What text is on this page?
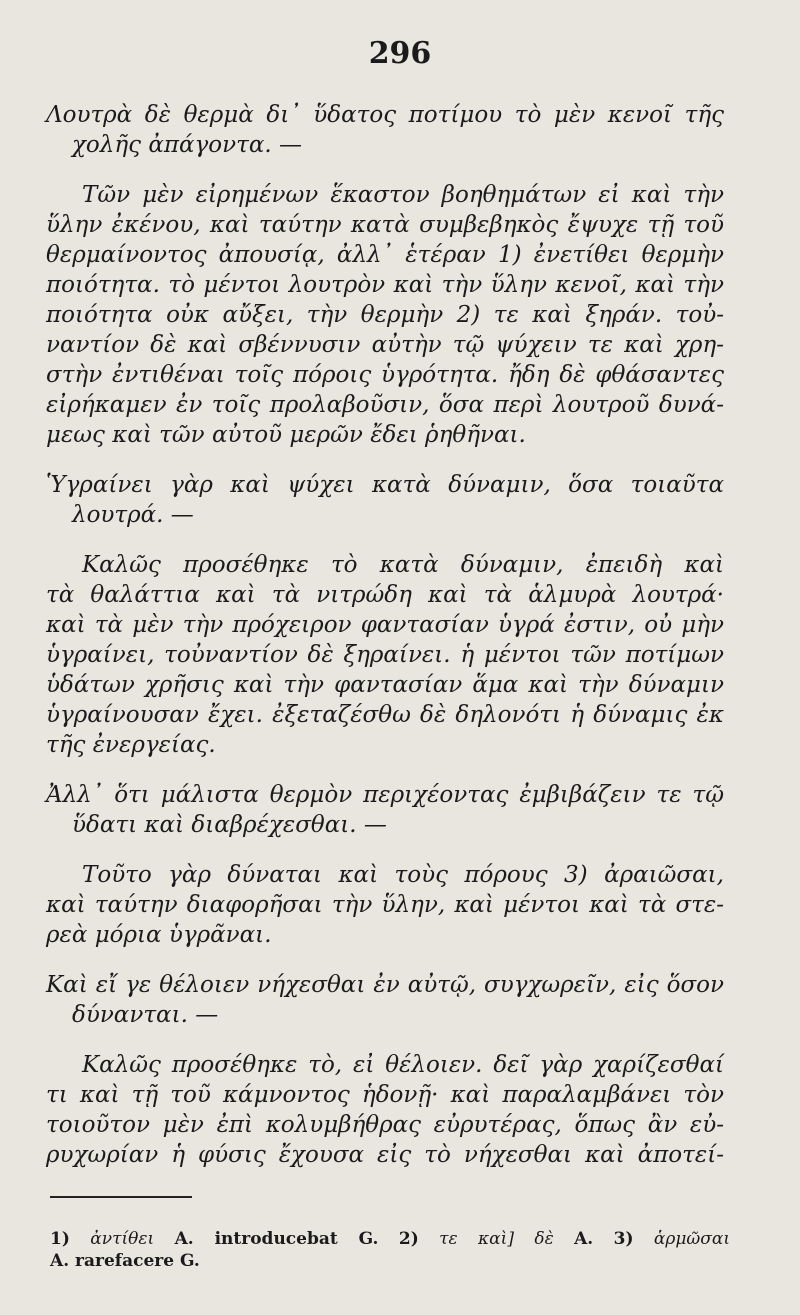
296
Λουτρὰ δὲ θερμὰ δι᾽ ὕδατος ποτίμου τὸ μὲν κενοῖ τῆς
χολῆς ἀπάγοντα. —
Τῶν μὲν εἰρημένων ἕκαστον βοηθημάτων εἰ καὶ τὴν
ὕλην ἐκένου, καὶ ταύτην κατὰ συμβεβηκὸς ἔψυχε τῇ τοῦ
θερμαίνοντος ἀπουσίᾳ, ἀλλ᾽ ἑτέραν 1) ἐνετίθει θερμὴν
ποιότητα. τὸ μέντοι λουτρὸν καὶ τὴν ὕλην κενοῖ, καὶ τὴν
ποιότητα οὐκ αὔξει, τὴν θερμὴν 2) τε καὶ ξηράν. τοὐ-
ναντίον δὲ καὶ σβέννυσιν αὐτὴν τῷ ψύχειν τε καὶ χρη-
στὴν ἐντιθέναι τοῖς πόροις ὑγρότητα. ἤδη δὲ φθάσαντες
εἰρήκαμεν ἐν τοῖς προλαβοῦσιν, ὅσα περὶ λουτροῦ δυνά-
μεως καὶ τῶν αὐτοῦ μερῶν ἔδει ῥηθῆναι.
Ὑγραίνει γὰρ καὶ ψύχει κατὰ δύναμιν, ὅσα τοιαῦτα
λουτρά. —
Καλῶς προσέθηκε τὸ κατὰ δύναμιν, ἐπειδὴ καὶ
τὰ θαλάττια καὶ τὰ νιτρώδη καὶ τὰ ἁλμυρὰ λουτρά·
καὶ τὰ μὲν τὴν πρόχειρον φαντασίαν ὑγρά ἐστιν, οὐ μὴν
ὑγραίνει, τοὐναντίον δὲ ξηραίνει. ἡ μέντοι τῶν ποτίμων
ὑδάτων χρῆσις καὶ τὴν φαντασίαν ἅμα καὶ τὴν δύναμιν
ὑγραίνουσαν ἔχει. ἐξεταζέσθω δὲ δηλονότι ἡ δύναμις ἐκ
τῆς ἐνεργείας.
Ἀλλ᾽ ὅτι μάλιστα θερμὸν περιχέοντας ἐμβιβάζειν τε τῷ
ὕδατι καὶ διαβρέχεσθαι. —
Τοῦτο γὰρ δύναται καὶ τοὺς πόρους 3) ἀραιῶσαι,
καὶ ταύτην διαφορῆσαι τὴν ὕλην, καὶ μέντοι καὶ τὰ στε-
ρεὰ μόρια ὑγρᾶναι.
Καὶ εἴ γε θέλοιεν νήχεσθαι ἐν αὐτῷ, συγχωρεῖν, εἰς ὅσον
δύνανται. —
Καλῶς προσέθηκε τὸ, εἰ θέλοιεν. δεῖ γὰρ χαρίζεσθαί
τι καὶ τῇ τοῦ κάμνοντος ἡδονῇ· καὶ παραλαμβάνει τὸν
τοιοῦτον μὲν ἐπὶ κολυμβήθρας εὐρυτέρας, ὅπως ἂν εὐ-
ρυχωρίαν ἡ φύσις ἔχουσα εἰς τὸ νήχεσθαι καὶ ἀποτεί-
1) ἀντίθει A. introducebat G. 2) τε καὶ] δὲ A. 3) ἁρμῶσαι
A. rarefacere G.
